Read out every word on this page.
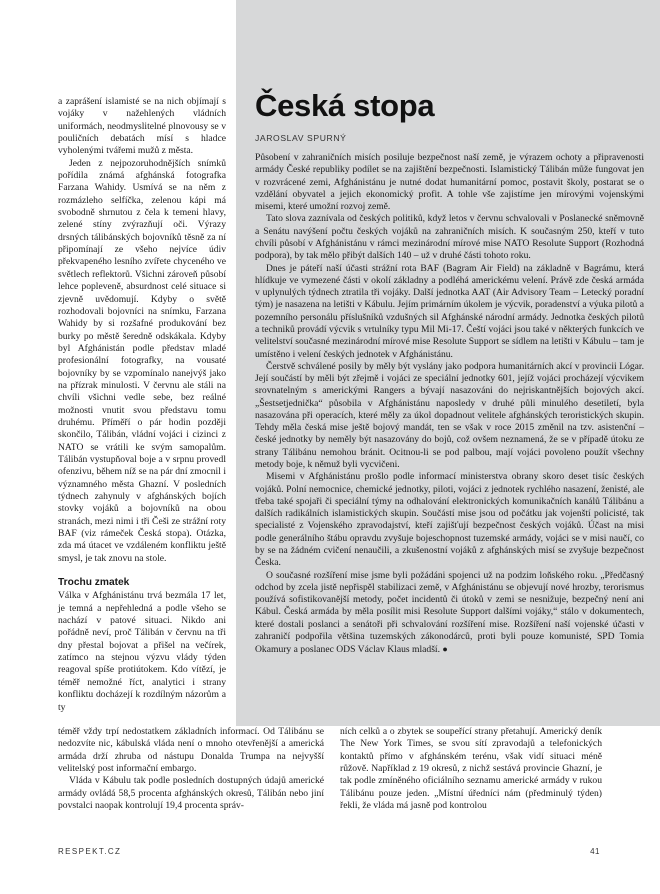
a zaprášení islamisté se na nich objímají s vojáky v nažehlených vládních uniformách, neodmyslitelné plnovousy se v pouličních debatách mísí s hladce vyholenými tvářemi mužů z města.

Jeden z nejpozoruhodnějších snímků pořídila známá afghánská fotografka Farzana Wahidy. Usmívá se na něm z rozmázleho selfíčka, zelenou kápi má svobodně shrnutou z čela k temeni hlavy, zelené stíny zvýrazňují oči. Výrazy drsných tálibánských bojovníků těsně za ní připomínají ze všeho nejvíce údiv překvapeného lesního zvířete chyceného ve světlech reflektorů. Všichni zároveň působí lehce popleveně, absurdnost celé situace si zjevně uvědomují. Kdyby o světě rozhodovali bojovníci na snímku, Farzana Wahidy by si rozšafné produkování bez burky po městě šeredně odskákala. Kdyby byl Afghánistán podle představ mladé profesionální fotografky, na vousaté bojovníky by se vzpomínalo nanejvýš jako na přízrak minulosti. V červnu ale stáli na chvíli všichni vedle sebe, bez reálné možnosti vnutit svou představu tomu druhému. Příměří o pár hodin později skončilo, Tálibán, vládní vojáci i cizinci z NATO se vrátili ke svým samopalům. Tálibán vystupňoval boje a v srpnu provedl ofenzivu, během níž se na pár dní zmocnil i významného města Ghazní. V posledních týdnech zahynuly v afghánských bojích stovky vojáků a bojovníků na obou stranách, mezi nimi i tři Češi ze strážní roty BAF (viz rámeček Česká stopa). Otázka, zda má útacet ve vzdáleném konfliktu ještě smysl, je tak znovu na stole.

Trochu zmatek

Válka v Afghánistánu trvá bezmála 17 let, je temná a nepřehledná a podle všeho se nachází v patové situaci. Nikdo ani pořádně neví, proč Tálibán v červnu na tři dny přestal bojovat a přišel na večírek, zatímco na stejnou výzvu vlády týden reagoval spíše protiútokem. Kdo vítězí, je téměř nemožné říct, analytici i strany konfliktu docházejí k rozdílným názorům a ty

Česká stopa
JAROSLAV SPURNÝ

Působení v zahraničních misích posiluje bezpečnost naší země, je výrazem ochoty a připravenosti armády České republiky podílet se na zajištění bezpečnosti. Islamistický Tálibán může fungovat jen v rozvrácené zemi, Afghánistánu je nutné dodat humanitární pomoc, postavit školy, postarat se o vzdělání obyvatel a jejich ekonomický profit. A tohle vše zajistíme jen mírovými vojenskými misemi, které umožní rozvoj země.

Tato slova zaznívala od českých politiků, když letos v červnu schvalovali v Poslanecké sněmovně a Senátu navýšení počtu českých vojáků na zahraničních misích. K současným 250, kteří v tuto chvíli působí v Afghánistánu v rámci mezinárodní mírové mise NATO Resolute Support (Rozhodná podpora), by tak mělo přibýt dalších 140 – už v druhé části tohoto roku.

Dnes je páteří naší účasti strážní rota BAF (Bagram Air Field) na základně v Bagrámu, která hlídkuje ve vymezené části v okolí základny a podléhá americkému velení. Právě zde česká armáda v uplynulých týdnech ztratila tři vojáky. Další jednotka AAT (Air Advisory Team – Letecký poradní tým) je nasazena na letišti v Kábulu. Jejím primárním úkolem je výcvik, poradenství a výuka pilotů a pozemního personálu příslušníků vzdušných sil Afghánské národní armády. Jednotka českých pilotů a techniků provádí výcvik s vrtulníky typu Mil Mi-17. Čeští vojáci jsou také v některých funkcích ve velitelství současné mezinárodní mírové mise Resolute Support se sídlem na letišti v Kábulu – tam je umístěno i velení českých jednotek v Afghánistánu.

Čerstvě schválené posily by měly být vyslány jako podpora humanitárních akcí v provincii Lógar. Její součástí by měli být zřejmě i vojáci ze speciální jednotky 601, jejíž vojáci procházejí výcvikem srovnatelným s americkými Rangers a bývají nasazováni do nejriskantnějších bojových akcí. „Šestsetjednička“ působila v Afghánistánu naposledy v druhé půli minulého desetiletí, byla nasazována při operacích, které měly za úkol dopadnout velitele afghánských teroristických skupin. Tehdy měla česká mise ještě bojový mandát, ten se však v roce 2015 změnil na tzv. asistenční – české jednotky by neměly být nasazovány do bojů, což ovšem neznamená, že se v případě útoku ze strany Tálibánu nemohou bránit. Ocitnou-li se pod palbou, mají vojáci povoleno použít všechny metody boje, k němuž byli vycvičeni.

Misemi v Afghánistánu prošlo podle informací ministerstva obrany skoro deset tisíc českých vojáků. Polní nemocnice, chemické jednotky, piloti, vojáci z jednotek rychlého nasazení, ženisté, ale třeba také spojaři či speciální týmy na odhalování elektronických komunikačních kanálů Tálibánu a dalších radikálních islamistických skupin. Součástí mise jsou od počátku jak vojenští policisté, tak specialisté z Vojenského zpravodajství, kteří zajišťují bezpečnost českých vojáků. Účast na misi podle generálního štábu opravdu zvyšuje bojeschopnost tuzemské armády, vojáci se v misi naučí, co by se na žádném cvičení nenaučili, a zkušenostní vojáků z afghánských misí se zvyšuje bezpečnost Česka.

O současné rozšíření mise jsme byli požádáni spojenci už na podzim loňského roku. „Předčasný odchod by zcela jistě nepřispěl stabilizaci země, v Afghánistánu se objevují nové hrozby, terorismus používá sofistikovanější metody, počet incidentů či útoků v zemi se nesnižuje, bezpečný není ani Kábul. Česká armáda by měla posílit misi Resolute Support dalšími vojáky,“ stálo v dokumentech, které dostali poslanci a senátoři při schvalování rozšíření mise. Rozšíření naší vojenské účasti v zahraničí podpořila většina tuzemských zákonodárců, proti byli pouze komunisté, SPD Tomia Okamury a poslanec ODS Václav Klaus mladší. ●

téměř vždy trpí nedostatkem základních informací. Od Tálibánu se nedozvíte nic, kábulská vláda není o mnoho otevřenější a americká armáda drží zhruba od nástupu Donalda Trumpa na nejvyšší velitelský post informační embargo.

Vláda v Kábulu tak podle posledních dostupných údajů americké armády ovládá 58,5 procenta afghánských okresů, Tálibán nebo jiní povstalci naopak kontrolují 19,4 procenta správ-

ních celků a o zbytek se soupeřící strany přetahují. Americký deník The New York Times, se svou sítí zpravodajů a telefonických kontaktů přímo v afghánském terénu, však vidí situaci méně růžově. Například z 19 okresů, z nichž sestává provincie Ghazní, je tak podle zmíněného oficiálního seznamu americké armády v rukou Tálibánu pouze jeden. „Místní úředníci nám (předminulý týden) řekli, že vláda má jasně pod kontrolou

RESPEKT.CZ	41
